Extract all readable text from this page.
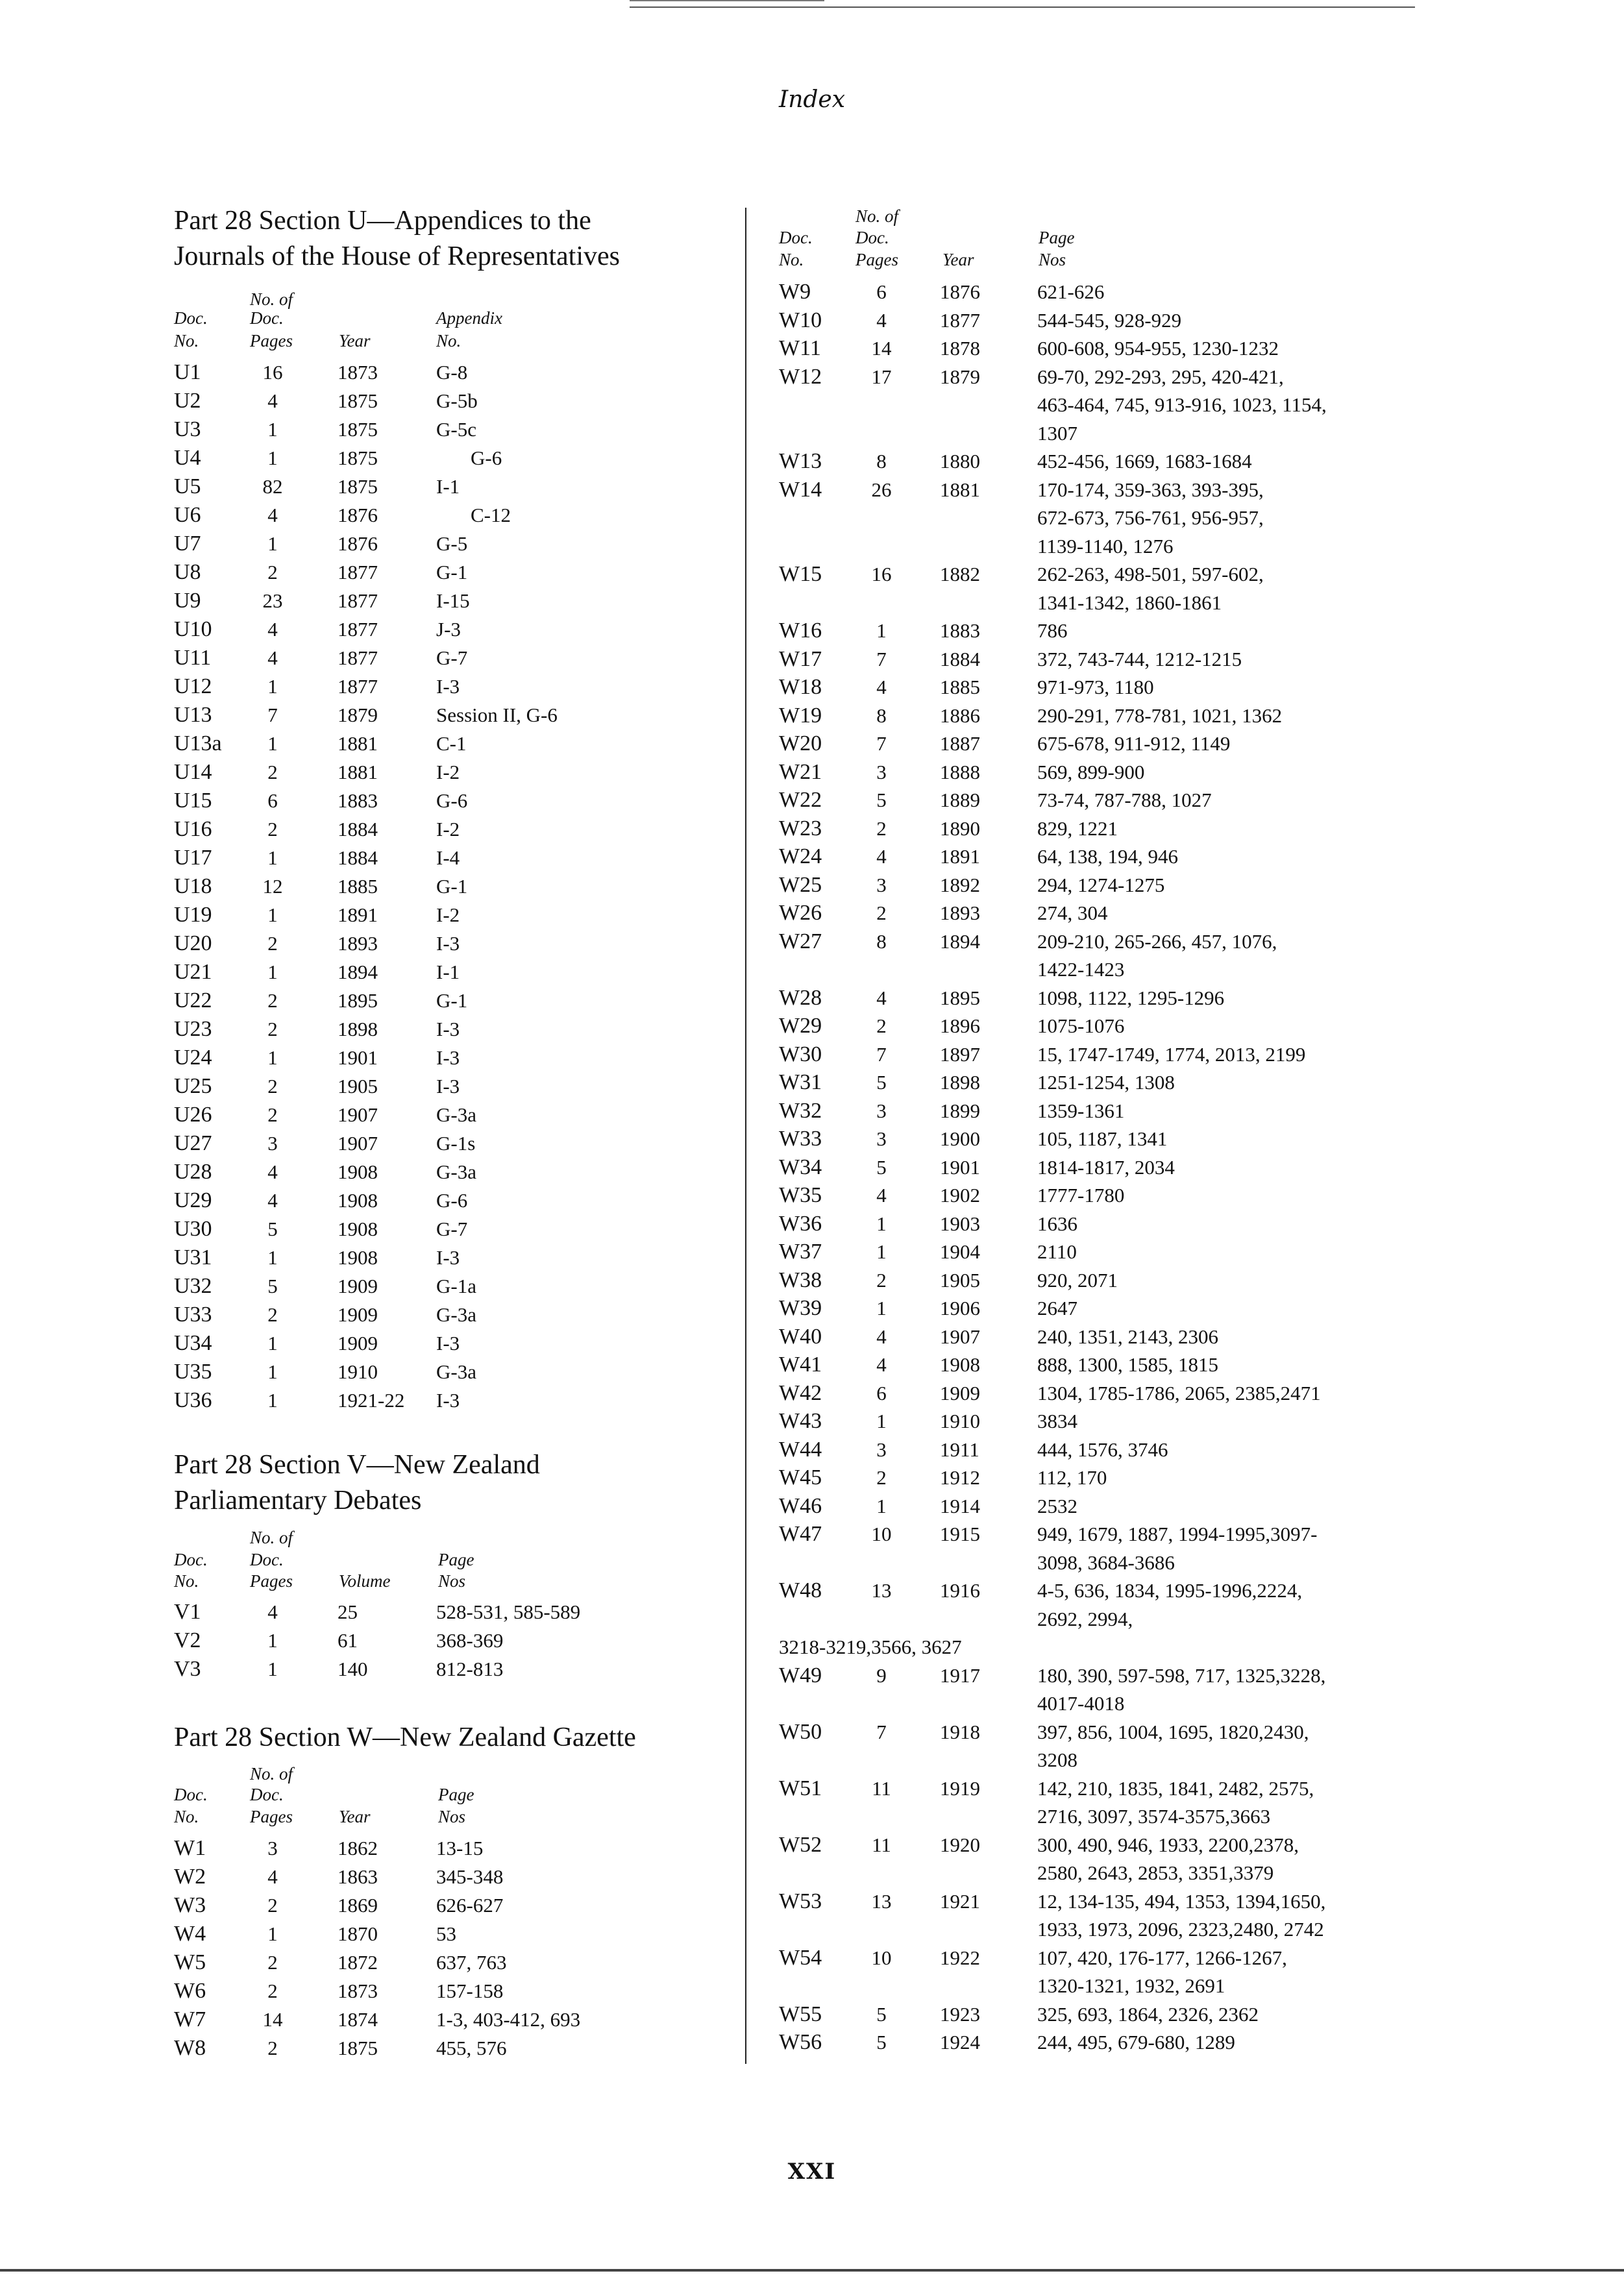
Index
Part 28 Section U—Appendices to the
Journals of the House of Representatives
No. of
Doc. Doc.	Appendix
No.	Pages	Year	No.
U1	16	1873	G-8
U2	4	1875	G-5b
U3	1	1875	G-5c
U4	1	1875	G-6
U5	82	1875	I-1
U6	4	1876	C-12
U7	1	1876	G-5
U8	2	1877	G-1
U9	23	1877	I-15
U10	4	1877	J-3
U11	4	1877	G-7
U12	1	1877	I-3
U13	7	1879	Session II, G-6
U13a	1	1881	C-1
U14	2	1881	I-2
U15	6	1883	G-6
U16	2	1884	I-2
U17	1	1884	I-4
U18	12	1885	G-1
U19	1	1891	I-2
U20	2	1893	I-3
U21	1	1894	I-1
U22	2	1895	G-1
U23	2	1898	I-3
U24	1	1901	I-3
U25	2	1905	I-3
U26	2	1907	G-3a
U27	3	1907	G-1s
U28	4	1908	G-3a
U29	4	1908	G-6
U30	5	1908	G-7
U31	1	1908	I-3
U32	5	1909	G-1a
U33	2	1909	G-3a
U34	1	1909	I-3
U35	1	1910	G-3a
U36	1	1921-22 I-3
Part 28 Section V—New Zealand
Parliamentary Debates
No. of
Doc. Doc.	Page
No.	Pages	Volume	Nos
V1	4	25	528-531, 585-589
V2	1	61	368-369
V3	1	140	812-813
Part 28 Section W—New Zealand Gazette
No. of
Doc. Doc.	Page
No.	Pages	Year	Nos
W1	3	1862	13-15
W2	4	1863	345-348
W3	2	1869	626-627
W4	1	1870	53
W5	2	1872	637, 763
W6	2	1873	157-158
W7	14	1874	1-3, 403-412, 693
W8	2	1875	455, 576
No. of
Doc. Doc.	Page
No.	Pages	Year	Nos
W9	6	1876	621-626
W10	4	1877	544-545, 928-929
W11	14	1878	600-608, 954-955, 1230-1232
W12	17	1879	69-70, 292-293, 295, 420-421,
463-464, 745, 913-916, 1023, 1154,
1307
W13	8	1880	452-456, 1669, 1683-1684
W14	26	1881	170-174, 359-363, 393-395,
672-673, 756-761, 956-957,
1139-1140, 1276
W15	16	1882	262-263, 498-501, 597-602,
1341-1342, 1860-1861
W16	1	1883	786
W17	7	1884	372, 743-744, 1212-1215
W18	4	1885	971-973, 1180
W19	8	1886	290-291, 778-781, 1021, 1362
W20	7	1887	675-678, 911-912, 1149
W21	3	1888	569, 899-900
W22	5	1889	73-74, 787-788, 1027
W23	2	1890	829, 1221
W24	4	1891	64, 138, 194, 946
W25	3	1892	294, 1274-1275
W26	2	1893	274, 304
W27	8	1894	209-210, 265-266, 457, 1076,
1422-1423
W28	4	1895	1098, 1122, 1295-1296
W29	2	1896	1075-1076
W30	7	1897	15, 1747-1749, 1774, 2013, 2199
W31	5	1898	1251-1254, 1308
W32	3	1899	1359-1361
W33	3	1900	105, 1187, 1341
W34	5	1901	1814-1817, 2034
W35	4	1902	1777-1780
W36	1	1903	1636
W37	1	1904	2110
W38	2	1905	920, 2071
W39	1	1906	2647
W40	4	1907	240, 1351, 2143, 2306
W41	4	1908	888, 1300, 1585, 1815
W42	6	1909	1304, 1785-1786, 2065, 2385,2471
W43	1	1910	3834
W44	3	1911	444, 1576, 3746
W45	2	1912	112, 170
W46	1	1914	2532
W47	10	1915	949, 1679, 1887, 1994-1995,3097-
3098, 3684-3686
W48	13	1916	4-5, 636, 1834, 1995-1996,2224,
2692, 2994,
3218-3219,3566, 3627
W49	9	1917	180, 390, 597-598, 717, 1325,3228,
4017-4018
W50	7	1918	397, 856, 1004, 1695, 1820,2430,
3208
W51	11	1919	142, 210, 1835, 1841, 2482, 2575,
2716, 3097, 3574-3575,3663
W52	11	1920	300, 490, 946, 1933, 2200,2378,
2580, 2643, 2853, 3351,3379
W53	13	1921	12, 134-135, 494, 1353, 1394,1650,
1933, 1973, 2096, 2323,2480, 2742
W54	10	1922	107, 420, 176-177, 1266-1267,
1320-1321, 1932, 2691
W55	5	1923	325, 693, 1864, 2326, 2362
W56	5	1924	244, 495, 679-680, 1289
XXI
